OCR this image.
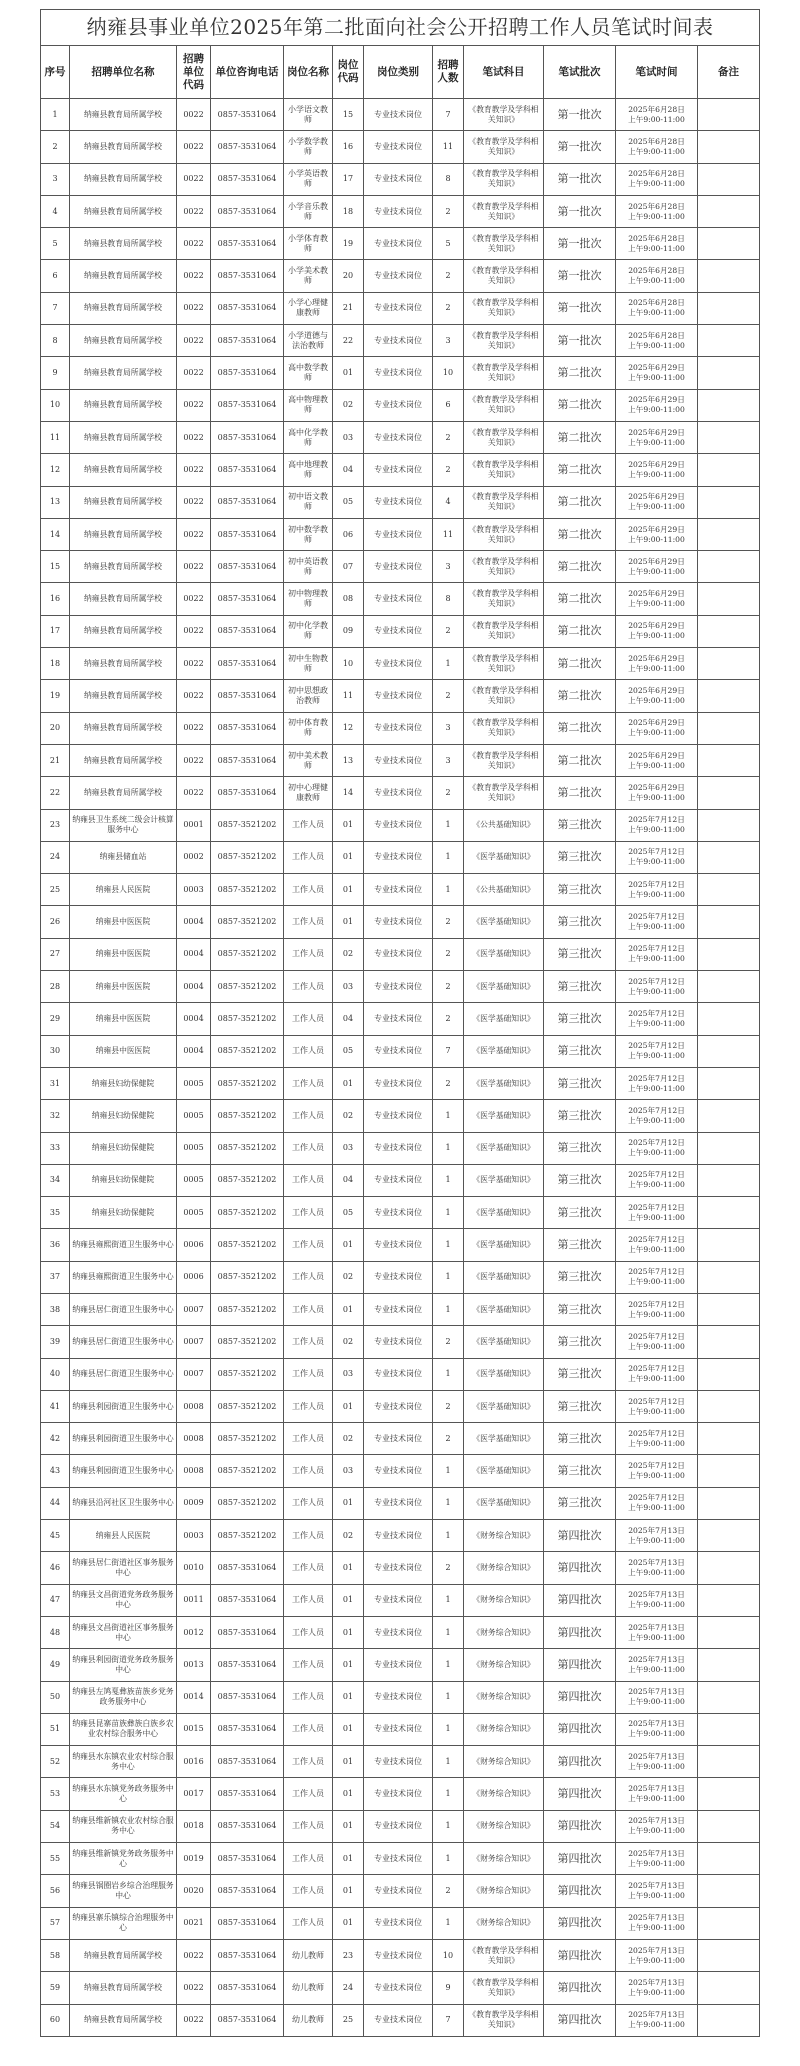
纳雍县事业单位2025年第二批面向社会公开招聘工作人员笔试时间表											
序号	招聘单位名称	招聘单位代码	单位咨询电话	岗位名称	岗位代码	岗位类别	招聘人数	笔试科目	笔试批次	笔试时间	备注
1	纳雍县教育局所属学校	0022	0857-3531064	小学语文教师	15	专业技术岗位	7	《教育教学及学科相关知识》	第一批次	2025年6月28日
上午9:00-11:00	

2	纳雍县教育局所属学校	0022	0857-3531064	小学数学教师	16	专业技术岗位	11	《教育教学及学科相关知识》	第一批次	2025年6月28日
上午9:00-11:00	

3	纳雍县教育局所属学校	0022	0857-3531064	小学英语教师	17	专业技术岗位	8	《教育教学及学科相关知识》	第一批次	2025年6月28日
上午9:00-11:00	

4	纳雍县教育局所属学校	0022	0857-3531064	小学音乐教师	18	专业技术岗位	2	《教育教学及学科相关知识》	第一批次	2025年6月28日
上午9:00-11:00	

5	纳雍县教育局所属学校	0022	0857-3531064	小学体育教师	19	专业技术岗位	5	《教育教学及学科相关知识》	第一批次	2025年6月28日
上午9:00-11:00	

6	纳雍县教育局所属学校	0022	0857-3531064	小学美术教师	20	专业技术岗位	2	《教育教学及学科相关知识》	第一批次	2025年6月28日
上午9:00-11:00	

7	纳雍县教育局所属学校	0022	0857-3531064	小学心理健康教师	21	专业技术岗位	2	《教育教学及学科相关知识》	第一批次	2025年6月28日
上午9:00-11:00	

8	纳雍县教育局所属学校	0022	0857-3531064	小学道德与法治教师	22	专业技术岗位	3	《教育教学及学科相关知识》	第一批次	2025年6月28日
上午9:00-11:00	

9	纳雍县教育局所属学校	0022	0857-3531064	高中数学教师	01	专业技术岗位	10	《教育教学及学科相关知识》	第二批次	2025年6月29日
上午9:00-11:00	

10	纳雍县教育局所属学校	0022	0857-3531064	高中物理教师	02	专业技术岗位	6	《教育教学及学科相关知识》	第二批次	2025年6月29日
上午9:00-11:00	

11	纳雍县教育局所属学校	0022	0857-3531064	高中化学教师	03	专业技术岗位	2	《教育教学及学科相关知识》	第二批次	2025年6月29日
上午9:00-11:00	

12	纳雍县教育局所属学校	0022	0857-3531064	高中地理教师	04	专业技术岗位	2	《教育教学及学科相关知识》	第二批次	2025年6月29日
上午9:00-11:00	

13	纳雍县教育局所属学校	0022	0857-3531064	初中语文教师	05	专业技术岗位	4	《教育教学及学科相关知识》	第二批次	2025年6月29日
上午9:00-11:00	

14	纳雍县教育局所属学校	0022	0857-3531064	初中数学教师	06	专业技术岗位	11	《教育教学及学科相关知识》	第二批次	2025年6月29日
上午9:00-11:00	

15	纳雍县教育局所属学校	0022	0857-3531064	初中英语教师	07	专业技术岗位	3	《教育教学及学科相关知识》	第二批次	2025年6月29日
上午9:00-11:00	

16	纳雍县教育局所属学校	0022	0857-3531064	初中物理教师	08	专业技术岗位	8	《教育教学及学科相关知识》	第二批次	2025年6月29日
上午9:00-11:00	

17	纳雍县教育局所属学校	0022	0857-3531064	初中化学教师	09	专业技术岗位	2	《教育教学及学科相关知识》	第二批次	2025年6月29日
上午9:00-11:00	

18	纳雍县教育局所属学校	0022	0857-3531064	初中生物教师	10	专业技术岗位	1	《教育教学及学科相关知识》	第二批次	2025年6月29日
上午9:00-11:00	

19	纳雍县教育局所属学校	0022	0857-3531064	初中思想政治教师	11	专业技术岗位	2	《教育教学及学科相关知识》	第二批次	2025年6月29日
上午9:00-11:00	

20	纳雍县教育局所属学校	0022	0857-3531064	初中体育教师	12	专业技术岗位	3	《教育教学及学科相关知识》	第二批次	2025年6月29日
上午9:00-11:00	

21	纳雍县教育局所属学校	0022	0857-3531064	初中美术教师	13	专业技术岗位	3	《教育教学及学科相关知识》	第二批次	2025年6月29日
上午9:00-11:00	

22	纳雍县教育局所属学校	0022	0857-3531064	初中心理健康教师	14	专业技术岗位	2	《教育教学及学科相关知识》	第二批次	2025年6月29日
上午9:00-11:00	

23	纳雍县卫生系统二级会计核算服务中心	0001	0857-3521202	工作人员	01	专业技术岗位	1	《公共基础知识》	第三批次	2025年7月12日
上午9:00-11:00	

24	纳雍县储血站	0002	0857-3521202	工作人员	01	专业技术岗位	1	《医学基础知识》	第三批次	2025年7月12日
上午9:00-11:00	

25	纳雍县人民医院	0003	0857-3521202	工作人员	01	专业技术岗位	1	《公共基础知识》	第三批次	2025年7月12日
上午9:00-11:00	

26	纳雍县中医医院	0004	0857-3521202	工作人员	01	专业技术岗位	2	《医学基础知识》	第三批次	2025年7月12日
上午9:00-11:00	

27	纳雍县中医医院	0004	0857-3521202	工作人员	02	专业技术岗位	2	《医学基础知识》	第三批次	2025年7月12日
上午9:00-11:00	

28	纳雍县中医医院	0004	0857-3521202	工作人员	03	专业技术岗位	2	《医学基础知识》	第三批次	2025年7月12日
上午9:00-11:00	

29	纳雍县中医医院	0004	0857-3521202	工作人员	04	专业技术岗位	2	《医学基础知识》	第三批次	2025年7月12日
上午9:00-11:00	

30	纳雍县中医医院	0004	0857-3521202	工作人员	05	专业技术岗位	7	《医学基础知识》	第三批次	2025年7月12日
上午9:00-11:00	

31	纳雍县妇幼保健院	0005	0857-3521202	工作人员	01	专业技术岗位	2	《医学基础知识》	第三批次	2025年7月12日
上午9:00-11:00	

32	纳雍县妇幼保健院	0005	0857-3521202	工作人员	02	专业技术岗位	1	《医学基础知识》	第三批次	2025年7月12日
上午9:00-11:00	

33	纳雍县妇幼保健院	0005	0857-3521202	工作人员	03	专业技术岗位	1	《医学基础知识》	第三批次	2025年7月12日
上午9:00-11:00	

34	纳雍县妇幼保健院	0005	0857-3521202	工作人员	04	专业技术岗位	1	《医学基础知识》	第三批次	2025年7月12日
上午9:00-11:00	

35	纳雍县妇幼保健院	0005	0857-3521202	工作人员	05	专业技术岗位	1	《医学基础知识》	第三批次	2025年7月12日
上午9:00-11:00	

36	纳雍县雍熙街道卫生服务中心	0006	0857-3521202	工作人员	01	专业技术岗位	1	《医学基础知识》	第三批次	2025年7月12日
上午9:00-11:00	

37	纳雍县雍熙街道卫生服务中心	0006	0857-3521202	工作人员	02	专业技术岗位	1	《医学基础知识》	第三批次	2025年7月12日
上午9:00-11:00	

38	纳雍县居仁街道卫生服务中心	0007	0857-3521202	工作人员	01	专业技术岗位	1	《医学基础知识》	第三批次	2025年7月12日
上午9:00-11:00	

39	纳雍县居仁街道卫生服务中心	0007	0857-3521202	工作人员	02	专业技术岗位	2	《医学基础知识》	第三批次	2025年7月12日
上午9:00-11:00	

40	纳雍县居仁街道卫生服务中心	0007	0857-3521202	工作人员	03	专业技术岗位	1	《医学基础知识》	第三批次	2025年7月12日
上午9:00-11:00	

41	纳雍县利园街道卫生服务中心	0008	0857-3521202	工作人员	01	专业技术岗位	2	《医学基础知识》	第三批次	2025年7月12日
上午9:00-11:00	

42	纳雍县利园街道卫生服务中心	0008	0857-3521202	工作人员	02	专业技术岗位	2	《医学基础知识》	第三批次	2025年7月12日
上午9:00-11:00	

43	纳雍县利园街道卫生服务中心	0008	0857-3521202	工作人员	03	专业技术岗位	1	《医学基础知识》	第三批次	2025年7月12日
上午9:00-11:00	

44	纳雍县沿河社区卫生服务中心	0009	0857-3521202	工作人员	01	专业技术岗位	1	《医学基础知识》	第三批次	2025年7月12日
上午9:00-11:00	

45	纳雍县人民医院	0003	0857-3521202	工作人员	02	专业技术岗位	1	《财务综合知识》	第四批次	2025年7月13日
上午9:00-11:00	

46	纳雍县居仁街道社区事务服务中心	0010	0857-3531064	工作人员	01	专业技术岗位	2	《财务综合知识》	第四批次	2025年7月13日
上午9:00-11:00	

47	纳雍县文昌街道党务政务服务中心	0011	0857-3531064	工作人员	01	专业技术岗位	1	《财务综合知识》	第四批次	2025年7月13日
上午9:00-11:00	

48	纳雍县文昌街道社区事务服务中心	0012	0857-3531064	工作人员	01	专业技术岗位	1	《财务综合知识》	第四批次	2025年7月13日
上午9:00-11:00	

49	纳雍县利园街道党务政务服务中心	0013	0857-3531064	工作人员	01	专业技术岗位	1	《财务综合知识》	第四批次	2025年7月13日
上午9:00-11:00	

50	纳雍县左鸠戛彝族苗族乡党务政务服务中心	0014	0857-3531064	工作人员	01	专业技术岗位	1	《财务综合知识》	第四批次	2025年7月13日
上午9:00-11:00	

51	纳雍县昆寨苗族彝族白族乡农业农村综合服务中心	0015	0857-3531064	工作人员	01	专业技术岗位	1	《财务综合知识》	第四批次	2025年7月13日
上午9:00-11:00	

52	纳雍县水东镇农业农村综合服务中心	0016	0857-3531064	工作人员	01	专业技术岗位	1	《财务综合知识》	第四批次	2025年7月13日
上午9:00-11:00	

53	纳雍县水东镇党务政务服务中心	0017	0857-3531064	工作人员	01	专业技术岗位	1	《财务综合知识》	第四批次	2025年7月13日
上午9:00-11:00	

54	纳雍县维新镇农业农村综合服务中心	0018	0857-3531064	工作人员	01	专业技术岗位	1	《财务综合知识》	第四批次	2025年7月13日
上午9:00-11:00	

55	纳雍县维新镇党务政务服务中心	0019	0857-3531064	工作人员	01	专业技术岗位	1	《财务综合知识》	第四批次	2025年7月13日
上午9:00-11:00	

56	纳雍县锅圈岩乡综合治理服务中心	0020	0857-3531064	工作人员	01	专业技术岗位	2	《财务综合知识》	第四批次	2025年7月13日
上午9:00-11:00	

57	纳雍县寨乐镇综合治理服务中心	0021	0857-3531064	工作人员	01	专业技术岗位	1	《财务综合知识》	第四批次	2025年7月13日
上午9:00-11:00	

58	纳雍县教育局所属学校	0022	0857-3531064	幼儿教师	23	专业技术岗位	10	《教育教学及学科相关知识》	第四批次	2025年7月13日
上午9:00-11:00	

59	纳雍县教育局所属学校	0022	0857-3531064	幼儿教师	24	专业技术岗位	9	《教育教学及学科相关知识》	第四批次	2025年7月13日
上午9:00-11:00	

60	纳雍县教育局所属学校	0022	0857-3531064	幼儿教师	25	专业技术岗位	7	《教育教学及学科相关知识》	第四批次	2025年7月13日
上午9:00-11:00	
